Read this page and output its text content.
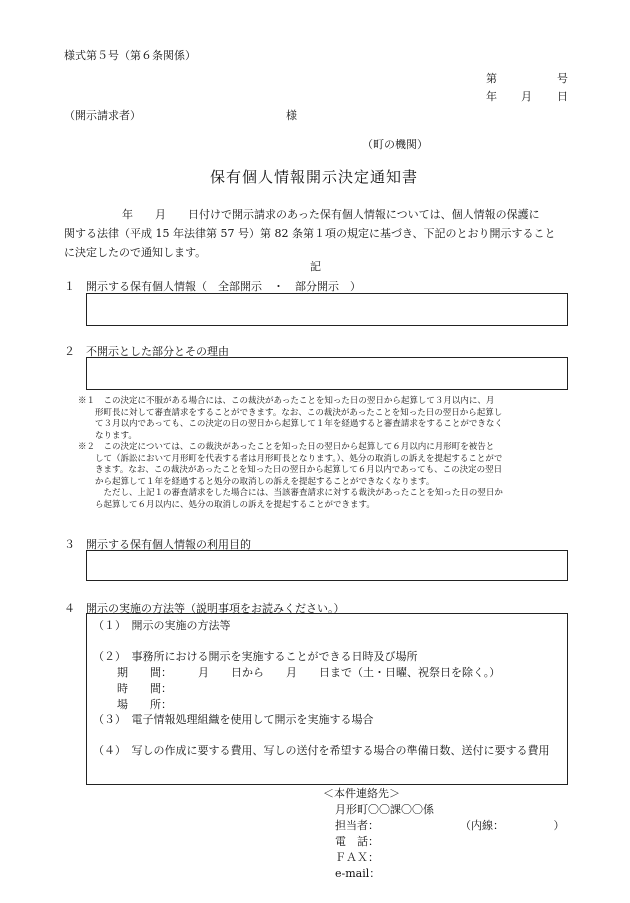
様式第５号（第６条関係）
第	号
年 月 日
（開示請求者）	様
（町の機関）
保有個人情報開示決定通知書
年　　月　　日付けで開示請求のあった保有個人情報については、個人情報の保護に
関する法律（平成 15 年法律第 57 号）第 82 条第１項の規定に基づき、下記のとおり開示すること
に決定したので通知します。
記
１ 開示する保有個人情報（　全部開示　・　部分開示　）
２ 不開示とした部分とその理由
※１　この決定に不服がある場合には、この裁決があったことを知った日の翌日から起算して３月以内に、月
　　形町長に対して審査請求をすることができます。なお、この裁決があったことを知った日の翌日から起算し
　　て３月以内であっても、この決定の日の翌日から起算して１年を経過すると審査請求をすることができなく
　　なります。
※２　この決定については、この裁決があったことを知った日の翌日から起算して６月以内に月形町を被告と
　　して（訴訟において月形町を代表する者は月形町長となります。）、処分の取消しの訴えを提起することがで
　　きます。なお、この裁決があったことを知った日の翌日から起算して６月以内であっても、この決定の翌日
　　から起算して１年を経過すると処分の取消しの訴えを提起することができなくなります。
　　　ただし、上記１の審査請求をした場合には、当該審査請求に対する裁決があったことを知った日の翌日か
　　ら起算して６月以内に、処分の取消しの訴えを提起することができます。
３ 開示する保有個人情報の利用目的
４ 開示の実施の方法等（説明事項をお読みください。）
（１）　開示の実施の方法等
（２）　事務所における開示を実施することができる日時及び場所
期　　間： 月　　日から　　月　　日まで（土・日曜、祝祭日を除く。）
時　　間：
場　　所：
（３）　電子情報処理組織を使用して開示を実施する場合
（４）　写しの作成に要する費用、写しの送付を希望する場合の準備日数、送付に要する費用
＜本件連絡先＞
月形町〇〇課〇〇係
担当者：	（内線：　　　　　）
電　話：
ＦＡＸ：
e-mail：
